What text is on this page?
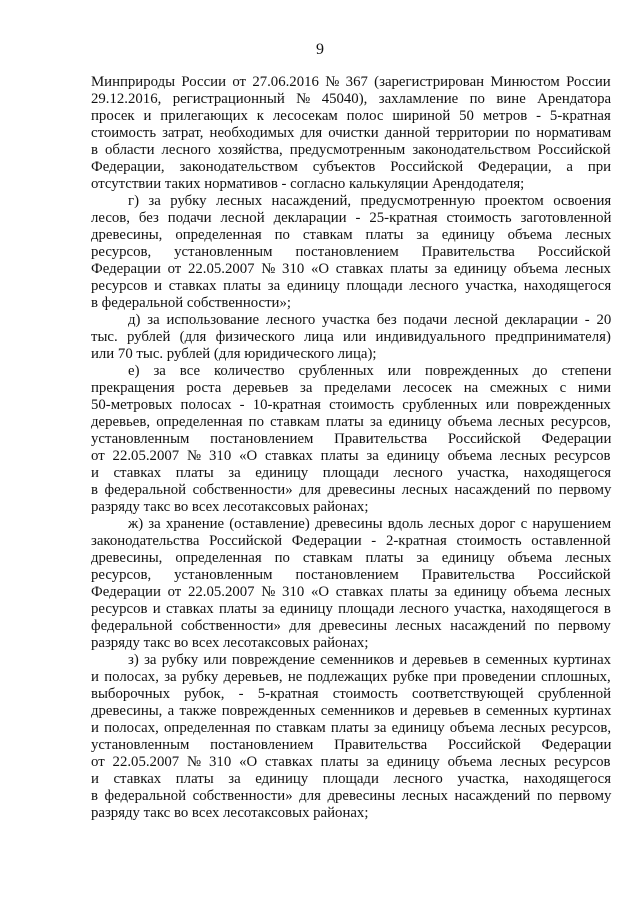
9

Минприроды России от 27.06.2016 № 367 (зарегистрирован Минюстом России
29.12.2016, регистрационный № 45040), захламление по вине Арендатора
просек и прилегающих к лесосекам полос шириной 50 метров - 5-кратная
стоимость затрат, необходимых для очистки данной территории по нормативам
в области лесного хозяйства, предусмотренным законодательством Российской
Федерации, законодательством субъектов Российской Федерации, а при
отсутствии таких нормативов - согласно калькуляции Арендодателя;

г) за рубку лесных насаждений, предусмотренную проектом освоения
лесов, без подачи лесной декларации - 25-кратная стоимость заготовленной
древесины, определенная по ставкам платы за единицу объема лесных
ресурсов, установленным постановлением Правительства Российской
Федерации от 22.05.2007 № 310 «О ставках платы за единицу объема лесных
ресурсов и ставках платы за единицу площади лесного участка, находящегося
в федеральной собственности»;

д) за использование лесного участка без подачи лесной декларации - 20
тыс. рублей (для физического лица или индивидуального предпринимателя)
или 70 тыс. рублей (для юридического лица);

е) за все количество срубленных или поврежденных до степени
прекращения роста деревьев за пределами лесосек на смежных с ними
50-метровых полосах - 10-кратная стоимость срубленных или поврежденных
деревьев, определенная по ставкам платы за единицу объема лесных ресурсов,
установленным постановлением Правительства Российской Федерации
от 22.05.2007 № 310 «О ставках платы за единицу объема лесных ресурсов
и ставках платы за единицу площади лесного участка, находящегося
в федеральной собственности» для древесины лесных насаждений по первому
разряду такс во всех лесотаксовых районах;

ж) за хранение (оставление) древесины вдоль лесных дорог с нарушением
законодательства Российской Федерации - 2-кратная стоимость оставленной
древесины, определенная по ставкам платы за единицу объема лесных
ресурсов, установленным постановлением Правительства Российской
Федерации от 22.05.2007 № 310 «О ставках платы за единицу объема лесных
ресурсов и ставках платы за единицу площади лесного участка, находящегося в
федеральной собственности» для древесины лесных насаждений по первому
разряду такс во всех лесотаксовых районах;

з) за рубку или повреждение семенников и деревьев в семенных куртинах
и полосах, за рубку деревьев, не подлежащих рубке при проведении сплошных,
выборочных рубок, - 5-кратная стоимость соответствующей срубленной
древесины, а также поврежденных семенников и деревьев в семенных куртинах
и полосах, определенная по ставкам платы за единицу объема лесных ресурсов,
установленным постановлением Правительства Российской Федерации
от 22.05.2007 № 310 «О ставках платы за единицу объема лесных ресурсов
и ставках платы за единицу площади лесного участка, находящегося
в федеральной собственности» для древесины лесных насаждений по первому
разряду такс во всех лесотаксовых районах;
